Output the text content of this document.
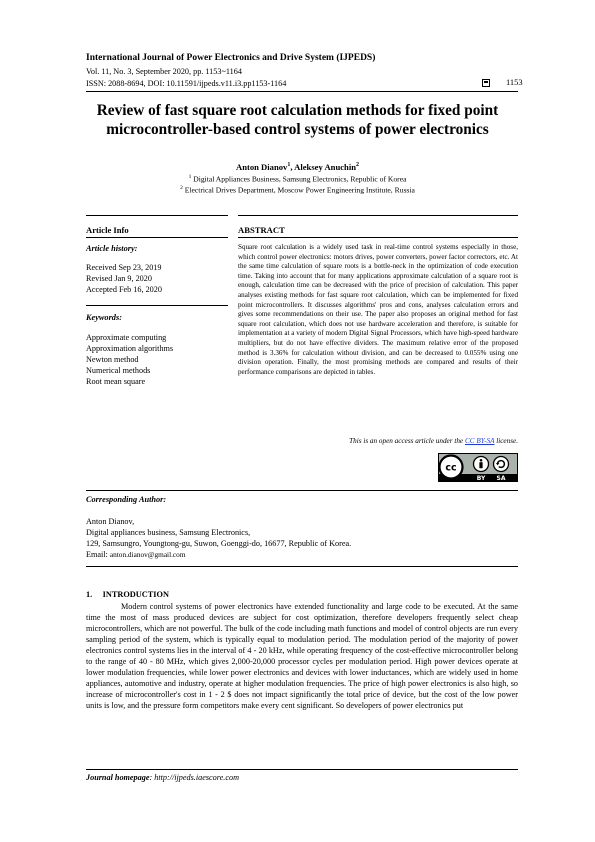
International Journal of Power Electronics and Drive System (IJPEDS)
Vol. 11, No. 3, September 2020, pp. 1153~1164
ISSN: 2088-8694, DOI: 10.11591/ijpeds.v11.i3.pp1153-1164	1153
Review of fast square root calculation methods for fixed point
microcontroller-based control systems of power electronics
Anton Dianov$^1$, Aleksey Anuchin$^2$
$^1$ Digital Appliances Business, Samsung Electronics, Republic of Korea
$^2$ Electrical Drives Department, Moscow Power Engineering Institute, Russia
Article Info	ABSTRACT
Article history:
Received Sep 23, 2019
Revised Jan 9, 2020
Accepted Feb 16, 2020
Keywords:
Approximate computing
Approximation algorithms
Newton method
Numerical methods
Root mean square
Square root calculation is a widely used task in real-time control systems especially in those, which control power electronics: motors drives, power converters, power factor correctors, etc. At the same time calculation of square roots is a bottle-neck in the optimization of code execution time. Taking into account that for many applications approximate calculation of a square root is enough, calculation time can be decreased with the price of precision of calculation. This paper analyses existing methods for fast square root calculation, which can be implemented for fixed point microcontrollers. It discusses algorithms' pros and cons, analyses calculation errors and gives some recommendations on their use. The paper also proposes an original method for fast square root calculation, which does not use hardware acceleration and therefore, is suitable for implementation at a variety of modern Digital Signal Processors, which have high-speed hardware multipliers, but do not have effective dividers. The maximum relative error of the proposed method is 3.36% for calculation without division, and can be decreased to 0.055% using one division operation. Finally, the most promising methods are compared and results of their performance comparisons are depicted in tables.
This is an open access article under the CC BY-SA license.
cc
BY SA
Corresponding Author:
Anton Dianov,
Digital appliances business, Samsung Electronics,
129, Samsungro, Youngtong-gu, Suwon, Goenggi-do, 16677, Republic of Korea.
Email: anton.dianov@gmail.com
1.     INTRODUCTION
Modern control systems of power electronics have extended functionality and large code to be executed. At the same time the most of mass produced devices are subject for cost optimization, therefore developers frequently select cheap microcontrollers, which are not powerful. The bulk of the code including math functions and model of control objects are run every sampling period of the system, which is typically equal to modulation period. The modulation period of the majority of power electronics control systems lies in the interval of 4 - 20 kHz, while operating frequency of the cost-effective microcontroller belong to the range of 40 - 80 MHz, which gives 2,000-20,000 processor cycles per modulation period. High power devices operate at lower modulation frequencies, while lower power electronics and devices with lower inductances, which are widely used in home appliances, automotive and industry, operate at higher modulation frequencies. The price of high power electronics is also high, so increase of microcontroller's cost in 1 - 2 $ does not impact significantly the total price of device, but the cost of the low power units is low, and the pressure form competitors make every cent significant. So developers of power electronics put
Journal homepage: http://ijpeds.iaescore.com
